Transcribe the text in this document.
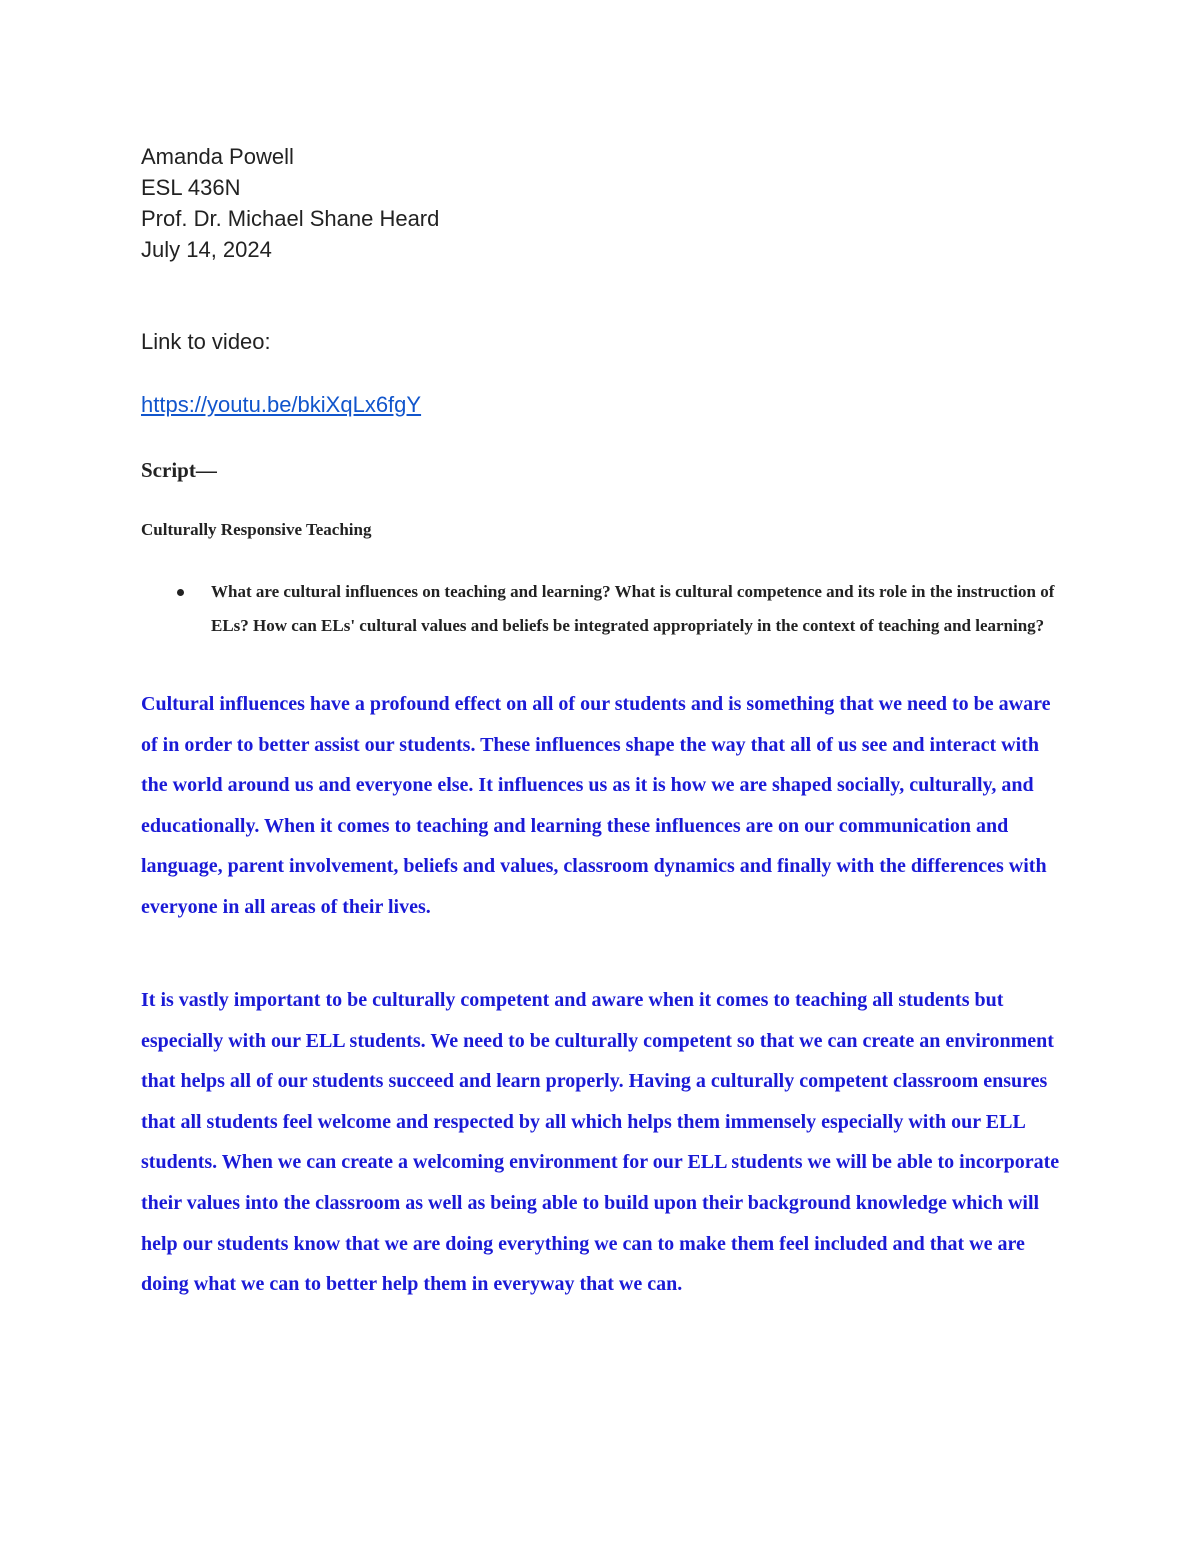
Amanda Powell
ESL 436N
Prof. Dr. Michael Shane Heard
July 14, 2024
Link to video:
https://youtu.be/bkiXqLx6fgY
Script—
Culturally Responsive Teaching
What are cultural influences on teaching and learning? What is cultural competence and its role in the instruction of ELs? How can ELs' cultural values and beliefs be integrated appropriately in the context of teaching and learning?

Cultural influences have a profound effect on all of our students and is something that we need to be aware of in order to better assist our students. These influences shape the way that all of us see and interact with the world around us and everyone else. It influences us as it is how we are shaped socially, culturally, and educationally. When it comes to teaching and learning these influences are on our communication and language, parent involvement, beliefs and values, classroom dynamics and finally with the differences with everyone in all areas of their lives.

It is vastly important to be culturally competent and aware when it comes to teaching all students but especially with our ELL students. We need to be culturally competent so that we can create an environment that helps all of our students succeed and learn properly. Having a culturally competent classroom ensures that all students feel welcome and respected by all which helps them immensely especially with our ELL students. When we can create a welcoming environment for our ELL students we will be able to incorporate their values into the classroom as well as being able to build upon their background knowledge which will help our students know that we are doing everything we can to make them feel included and that we are doing what we can to better help them in everyway that we can.
